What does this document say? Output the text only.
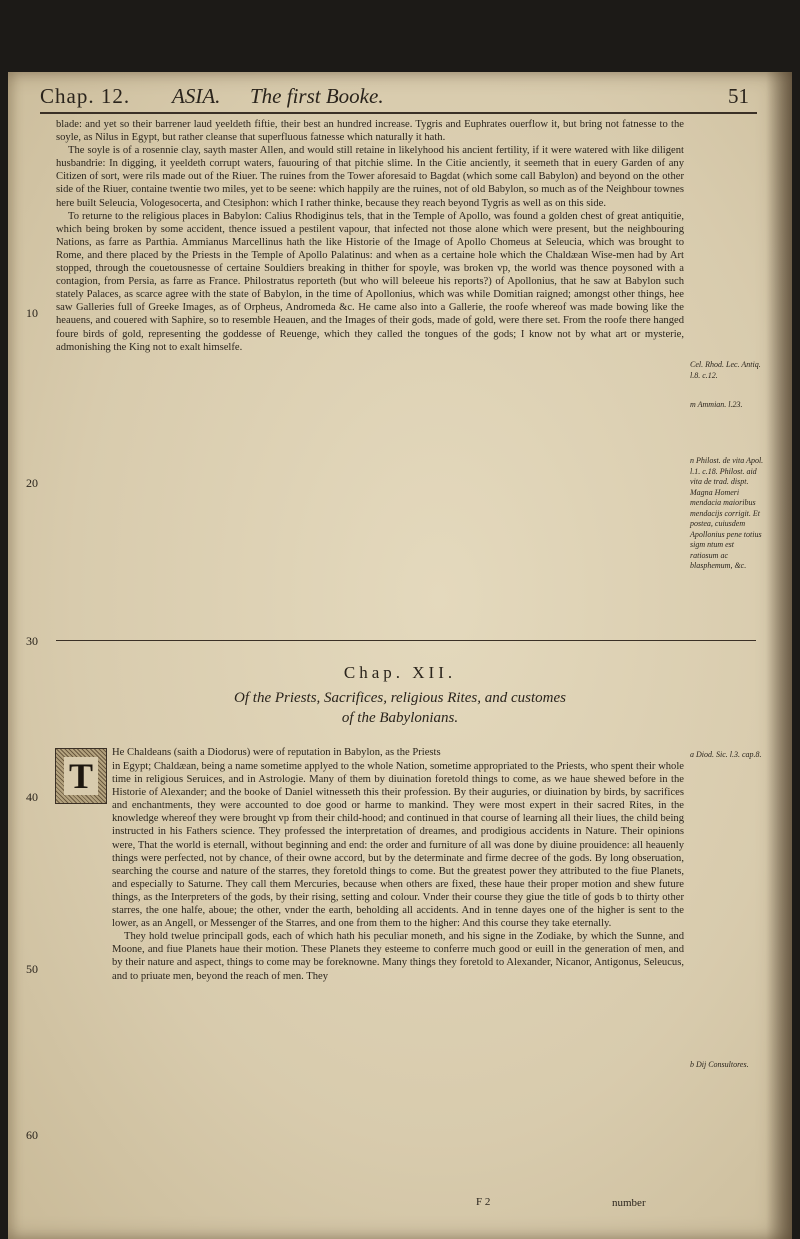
Chap. 12. ASIA. The first Booke.	51

blade: and yet so their barrener laud yeeldeth fiftie, their best an hundred increase. Tygris and Euphrates ouerflow it, but bring not fatnesse to the soyle, as Nilus in Egypt, but rather cleanse that superfluous fatnesse which naturally it hath.

The soyle is of a rosennie clay, sayth master Allen, and would still retaine in likelyhood his ancient fertility, if it were watered with like diligent husbandrie: In digging, it yeeldeth corrupt waters, fauouring of that pitchie slime. In the Citie anciently, it seemeth that in euery Garden of any Citizen of sort, were rils made out of the Riuer. The ruines from the Tower aforesaid to Bagdat (which some call Babylon) and beyond on the other side of the Riuer, containe twentie two miles, yet to be seene: which happily are the ruines, not of old Babylon, so much as of the Neighbour townes here built Seleucia, Vologesocerta, and Ctesiphon: which I rather thinke, because they reach beyond Tygris as well as on this side.

To returne to the religious places in Babylon: Calius Rhodiginus tels, that in the Temple of Apollo, was found a golden chest of great antiquitie, which being broken by some accident, thence issued a pestilent vapour, that infected not those alone which were present, but the neighbouring Nations, as farre as Parthia. Ammianus Marcellinus hath the like Historie of the Image of Apollo Chomeus at Seleucia, which was brought to Rome, and there placed by the Priests in the Temple of Apollo Palatinus: and when as a certaine hole which the Chaldæan Wise-men had by Art stopped, through the couetousnesse of certaine Souldiers breaking in thither for spoyle, was broken vp, the world was thence poysoned with a contagion, from Persia, as farre as France. Philostratus reporteth (but who will beleeue his reports?) of Apollonius, that he saw at Babylon such stately Palaces, as scarce agree with the state of Babylon, in the time of Apollonius, which was while Domitian raigned; amongst other things, hee saw Galleries full of Greeke Images, as of Orpheus, Andromeda &c. He came also into a Gallerie, the roofe whereof was made bowing like the heauens, and couered with Saphire, so to resemble Heauen, and the Images of their gods, made of gold, were there set. From the roofe there hanged foure birds of gold, representing the goddesse of Reuenge, which they called the tongues of the gods; I know not by what art or mysterie, admonishing the King not to exalt himselfe.

Cel. Rhod. Lec. Antiq. l.8. c.12.
m Ammian. l.23.
n Philost. de vita Apol. l.1. c.18. Philost. aid vita de trad. dispt. Magna Homeri mendacia maioribus mendacijs corrigit. Et postea, cuiusdem Apollonius pene totius sigm ntum est ratiosum ac blasphemum, &c.
10
20
30
40
50
60
Chap. XII.
Of the Priests, Sacrifices, religious Rites, and customes
of the Babylonians.
T

He Chaldeans (saith a Diodorus) were of reputation in Babylon, as the Priests

in Egypt; Chaldæan, being a name sometime applyed to the whole Nation, sometime appropriated to the Priests, who spent their whole time in religious Seruices, and in Astrologie. Many of them by diuination foretold things to come, as we haue shewed before in the Historie of Alexander; and the booke of Daniel witnesseth this their profession. By their auguries, or diuination by birds, by sacrifices and enchantments, they were accounted to doe good or harme to mankind. They were most expert in their sacred Rites, in the knowledge whereof they were brought vp from their child-hood; and continued in that course of learning all their liues, the child being instructed in his Fathers science. They professed the interpretation of dreames, and prodigious accidents in Nature. Their opinions were, That the world is eternall, without beginning and end: the order and furniture of all was done by diuine prouidence: all heauenly things were perfected, not by chance, of their owne accord, but by the determinate and firme decree of the gods. By long obseruation, searching the course and nature of the starres, they foretold things to come. But the greatest power they attributed to the fiue Planets, and especially to Saturne. They call them Mercuries, because when others are fixed, these haue their proper motion and shew future things, as the Interpreters of the gods, by their rising, setting and colour. Vnder their course they giue the title of gods b to thirty other starres, the one halfe, aboue; the other, vnder the earth, beholding all accidents. And in tenne dayes one of the higher is sent to the lower, as an Angell, or Messenger of the Starres, and one from them to the higher: And this course they take eternally.

They hold twelue principall gods, each of which hath his peculiar moneth, and his signe in the Zodiake, by which the Sunne, and Moone, and fiue Planets haue their motion. These Planets they esteeme to conferre much good or euill in the generation of men, and by their nature and aspect, things to come may be foreknowne. Many things they foretold to Alexander, Nicanor, Antigonus, Seleucus, and to priuate men, beyond the reach of men. They

a Diod. Sic. l.3. cap.8.
b Dij Consultores.
F 2	number
